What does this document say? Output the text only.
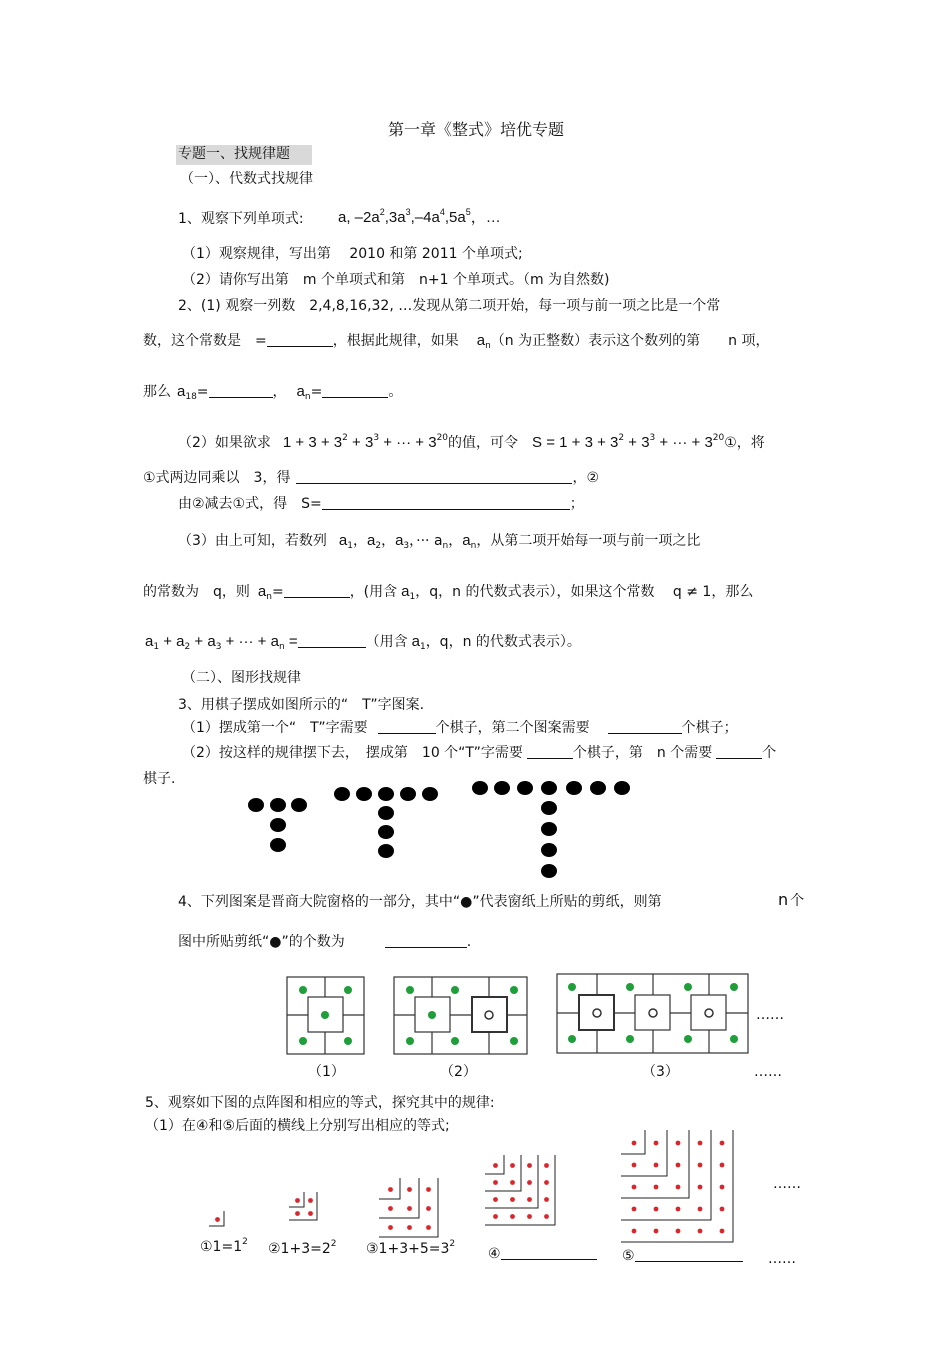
第一章《整式》培优专题
专题一、找规律题
（一）、代数式找规律
1、观察下列单项式: a, $-2a^2,3a^3,-4a^4,5a^5$，…
（1）观察规律，写出第　 2010 和第 2011 个单项式;
（2）请你写出第　m 个单项式和第　n+1 个单项式。（m 为自然数)
2、(1) 观察一列数　2,4,8,16,32, …发现从第二项开始，每一项与前一项之比是一个常
数，这个常数是　=	，根据此规律，如果 $a_n(n$ 为正整数）表示这个数列的第　　n 项，
那么 $a_{18}=$	， $a_n=$	。
（2）如果欲求 $1 + 3 + 3^2 + 3^3$ + ··· + $3^{20}$的值，可令 $S = 1 + 3 + 3^2 + 3^3$ + ··· + $3^{20}①$，将
①式两边同乘以　3，得	，②
由②减去①式，得　S=	；
（3）由上可知，若数列 $a_1$，$a_2$，$a_3$，··· $a_n$，$a_n$，从第二项开始每一项与前一项之比
的常数为　q，则 $a_n=$	，(用含 $a_1$，q，n 的代数式表示），如果这个常数　 q ≠ 1，那么
$a_1 + a_2 + a_3$ + ··· + $a_n$ =	（用含 $a_1$，q，n 的代数式表示）。
（二）、图形找规律
3、用棋子摆成如图所示的“　T”字图案.
（1）摆成第一个“　T”字需要	个棋子，第二个图案需要	个棋子；
（2）按这样的规律摆下去，　摆成第　10 个“T”字需要	个棋子，第　n 个需要	个
棋子.
4、下列图案是晋商大院窗格的一部分，其中“●”代表窗纸上所贴的剪纸，则第	n 个
图中所贴剪纸“●”的个数为	.
……
（1）	（2）	（3）	……
5、观察如下图的点阵图和相应的等式，探究其中的规律:
（1）在④和⑤后面的横线上分别写出相应的等式;
……
$①1=1^2$ $②1+3=2^2$ $③1+3+5=3^2$
④	⑤	……
